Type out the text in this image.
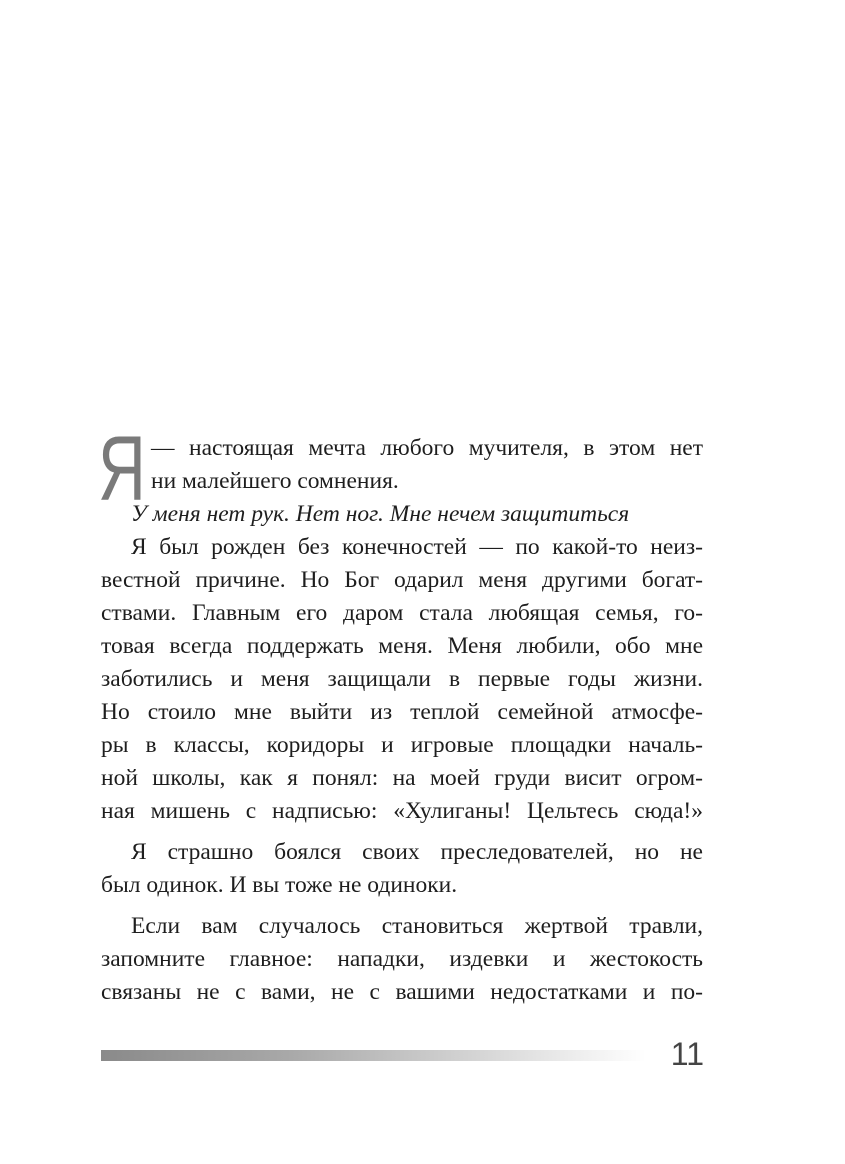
Я — настоящая мечта любого мучителя, в этом нет
ни малейшего сомнения.
У меня нет рук. Нет ног. Мне нечем защититься
Я был рожден без конечностей — по какой-то неиз-
вестной причине. Но Бог одарил меня другими богат-
ствами. Главным его даром стала любящая семья, го-
товая всегда поддержать меня. Меня любили, обо мне
заботились и меня защищали в первые годы жизни.
Но стоило мне выйти из теплой семейной атмосфе-
ры в классы, коридоры и игровые площадки началь-
ной школы, как я понял: на моей груди висит огром-
ная мишень с надписью: «Хулиганы! Цельтесь сюда!»
Я страшно боялся своих преследователей, но не
был одинок. И вы тоже не одиноки.
Если вам случалось становиться жертвой травли,
запомните главное: нападки, издевки и жестокость
связаны не с вами, не с вашими недостатками и по-
11
